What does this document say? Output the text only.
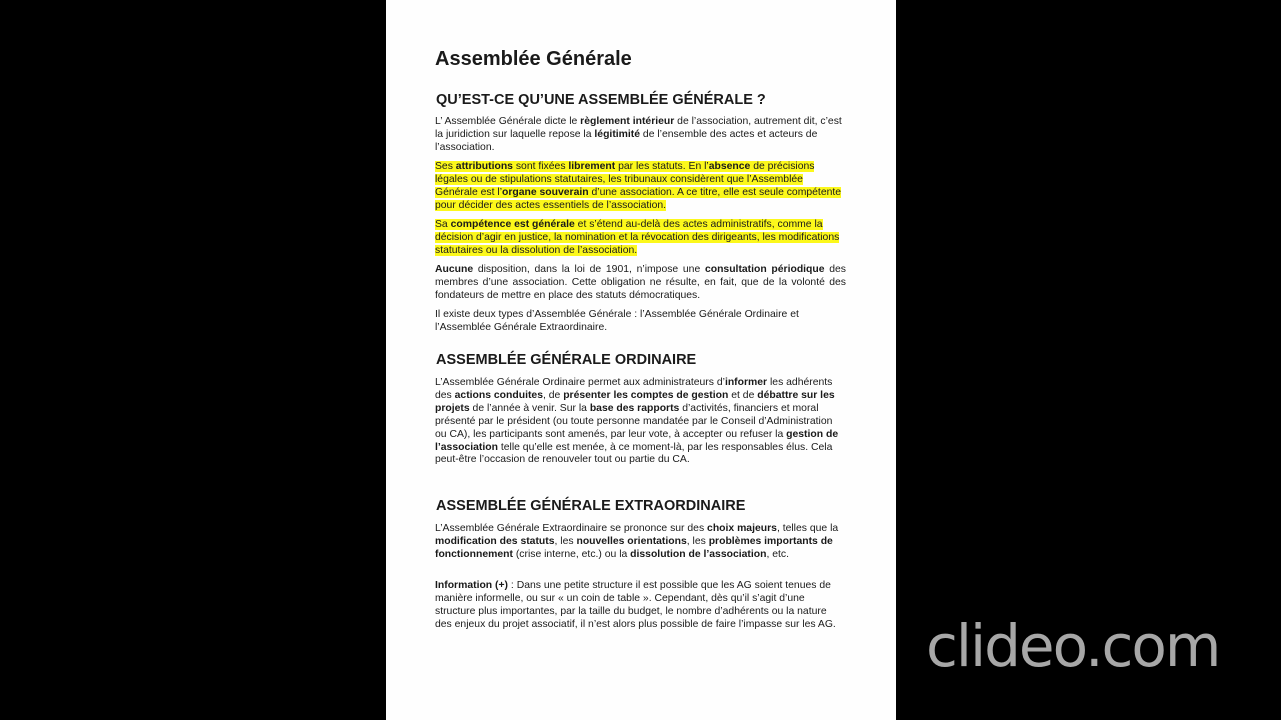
Assemblée Générale
QU’EST-CE QU’UNE ASSEMBLÉE GÉNÉRALE ?

L’ Assemblée Générale dicte le règlement intérieur de l’association, autrement dit, c’est la juridiction sur laquelle repose la légitimité de l’ensemble des actes et acteurs de l’association.

Ses attributions sont fixées librement par les statuts. En l’absence de précisions légales ou de stipulations statutaires, les tribunaux considèrent que l’Assemblée Générale est l’organe souverain d’une association. A ce titre, elle est seule compétente pour décider des actes essentiels de l’association.

Sa compétence est générale et s’étend au-delà des actes administratifs, comme la décision d’agir en justice, la nomination et la révocation des dirigeants, les modifications statutaires ou la dissolution de l’association.

Aucune disposition, dans la loi de 1901, n’impose une consultation périodique des membres d’une association. Cette obligation ne résulte, en fait, que de la volonté des fondateurs de mettre en place des statuts démocratiques.

Il existe deux types d’Assemblée Générale : l’Assemblée Générale Ordinaire et l’Assemblée Générale Extraordinaire.

ASSEMBLÉE GÉNÉRALE ORDINAIRE

L’Assemblée Générale Ordinaire permet aux administrateurs d’informer les adhérents des actions conduites, de présenter les comptes de gestion et de débattre sur les projets de l’année à venir. Sur la base des rapports d’activités, financiers et moral présenté par le président (ou toute personne mandatée par le Conseil d’Administration ou CA), les participants sont amenés, par leur vote, à accepter ou refuser la gestion de l’association telle qu’elle est menée, à ce moment-là, par les responsables élus. Cela peut-être l’occasion de renouveler tout ou partie du CA.

ASSEMBLÉE GÉNÉRALE EXTRAORDINAIRE

L’Assemblée Générale Extraordinaire se prononce sur des choix majeurs, telles que la modification des statuts, les nouvelles orientations, les problèmes importants de fonctionnement (crise interne, etc.) ou la dissolution de l’association, etc.

Information (+) : Dans une petite structure il est possible que les AG soient tenues de manière informelle, ou sur « un coin de table ». Cependant, dès qu’il s’agit d’une structure plus importantes, par la taille du budget, le nombre d’adhérents ou la nature des enjeux du projet associatif, il n’est alors plus possible de faire l’impasse sur les AG. clideo.com
